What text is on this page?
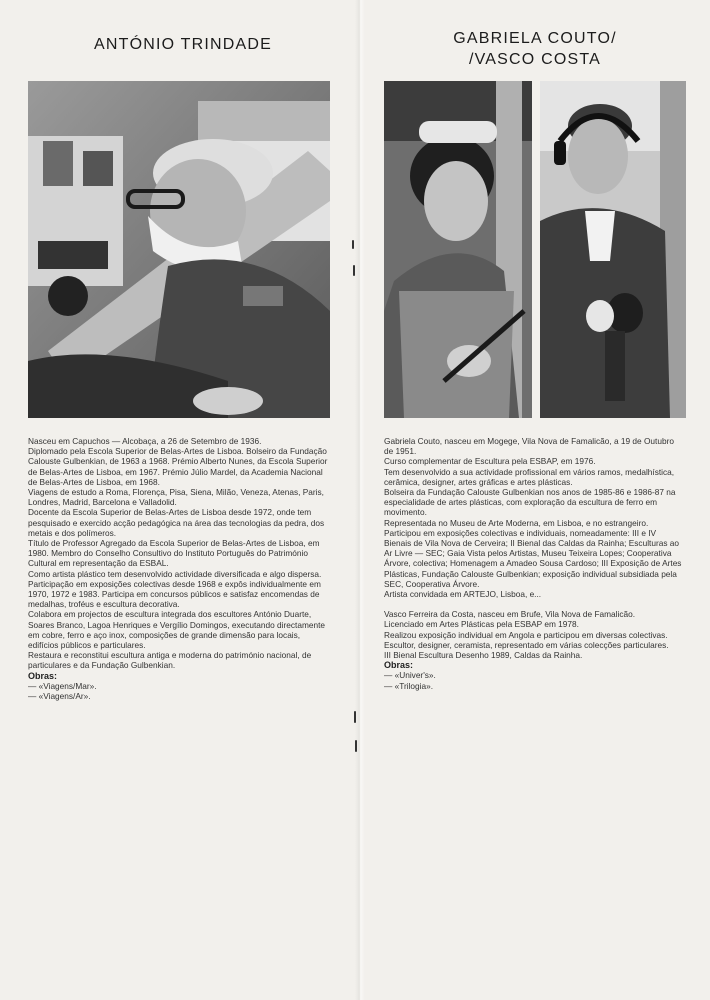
ANTÓNIO TRINDADE

Nasceu em Capuchos — Alcobaça, a 26 de Setembro de 1936.

Diplomado pela Escola Superior de Belas-Artes de Lisboa. Bolseiro da Fundação Calouste Gulbenkian, de 1963 a 1968. Prémio Alberto Nunes, da Escola Superior de Belas-Artes de Lisboa, em 1967. Prémio Júlio Mardel, da Academia Nacional de Belas-Artes de Lisboa, em 1968.

Viagens de estudo a Roma, Florença, Pisa, Siena, Milão, Veneza, Atenas, Paris, Londres, Madrid, Barcelona e Valladolid.

Docente da Escola Superior de Belas-Artes de Lisboa desde 1972, onde tem pesquisado e exercido acção pedagógica na área das tecnologias da pedra, dos metais e dos polímeros.

Título de Professor Agregado da Escola Superior de Belas-Artes de Lisboa, em 1980. Membro do Conselho Consultivo do Instituto Português do Património Cultural em representação da ESBAL.

Como artista plástico tem desenvolvido actividade diversificada e algo dispersa.

Participação em exposições colectivas desde 1968 e expôs individualmente em 1970, 1972 e 1983. Participa em concursos públicos e satisfaz encomendas de medalhas, troféus e escultura decorativa.

Colabora em projectos de escultura integrada dos escultores António Duarte, Soares Branco, Lagoa Henriques e Vergílio Domingos, executando directamente em cobre, ferro e aço inox, composições de grande dimensão para locais, edifícios públicos e particulares.

Restaura e reconstitui escultura antiga e moderna do património nacional, de particulares e da Fundação Gulbenkian.

Obras:

— «Viagens/Mar».

— «Viagens/Ar».

GABRIELA COUTO/
/VASCO COSTA

Gabriela Couto, nasceu em Mogege, Vila Nova de Famalicão, a 19 de Outubro de 1951.

Curso complementar de Escultura pela ESBAP, em 1976.

Tem desenvolvido a sua actividade profissional em vários ramos, medalhística, cerâmica, designer, artes gráficas e artes plásticas.

Bolseira da Fundação Calouste Gulbenkian nos anos de 1985-86 e 1986-87 na especialidade de artes plásticas, com exploração da escultura de ferro em movimento.

Representada no Museu de Arte Moderna, em Lisboa, e no estrangeiro.

Participou em exposições colectivas e individuais, nomeadamente: III e IV Bienais de Vila Nova de Cerveira; II Bienal das Caldas da Rainha; Esculturas ao Ar Livre — SEC; Gaia Vista pelos Artistas, Museu Teixeira Lopes; Cooperativa Árvore, colectiva; Homenagem a Amadeo Sousa Cardoso; III Exposição de Artes Plásticas, Fundação Calouste Gulbenkian; exposição individual subsidiada pela SEC, Cooperativa Árvore.

Artista convidada em ARTEJO, Lisboa, e...

Vasco Ferreira da Costa, nasceu em Brufe, Vila Nova de Famalicão.

Licenciado em Artes Plásticas pela ESBAP em 1978.

Realizou exposição individual em Angola e participou em diversas colectivas.

Escultor, designer, ceramista, representado em várias colecções particulares.

III Bienal Escultura Desenho 1989, Caldas da Rainha.

Obras:

— «Univer's».

— «Trilogia».
